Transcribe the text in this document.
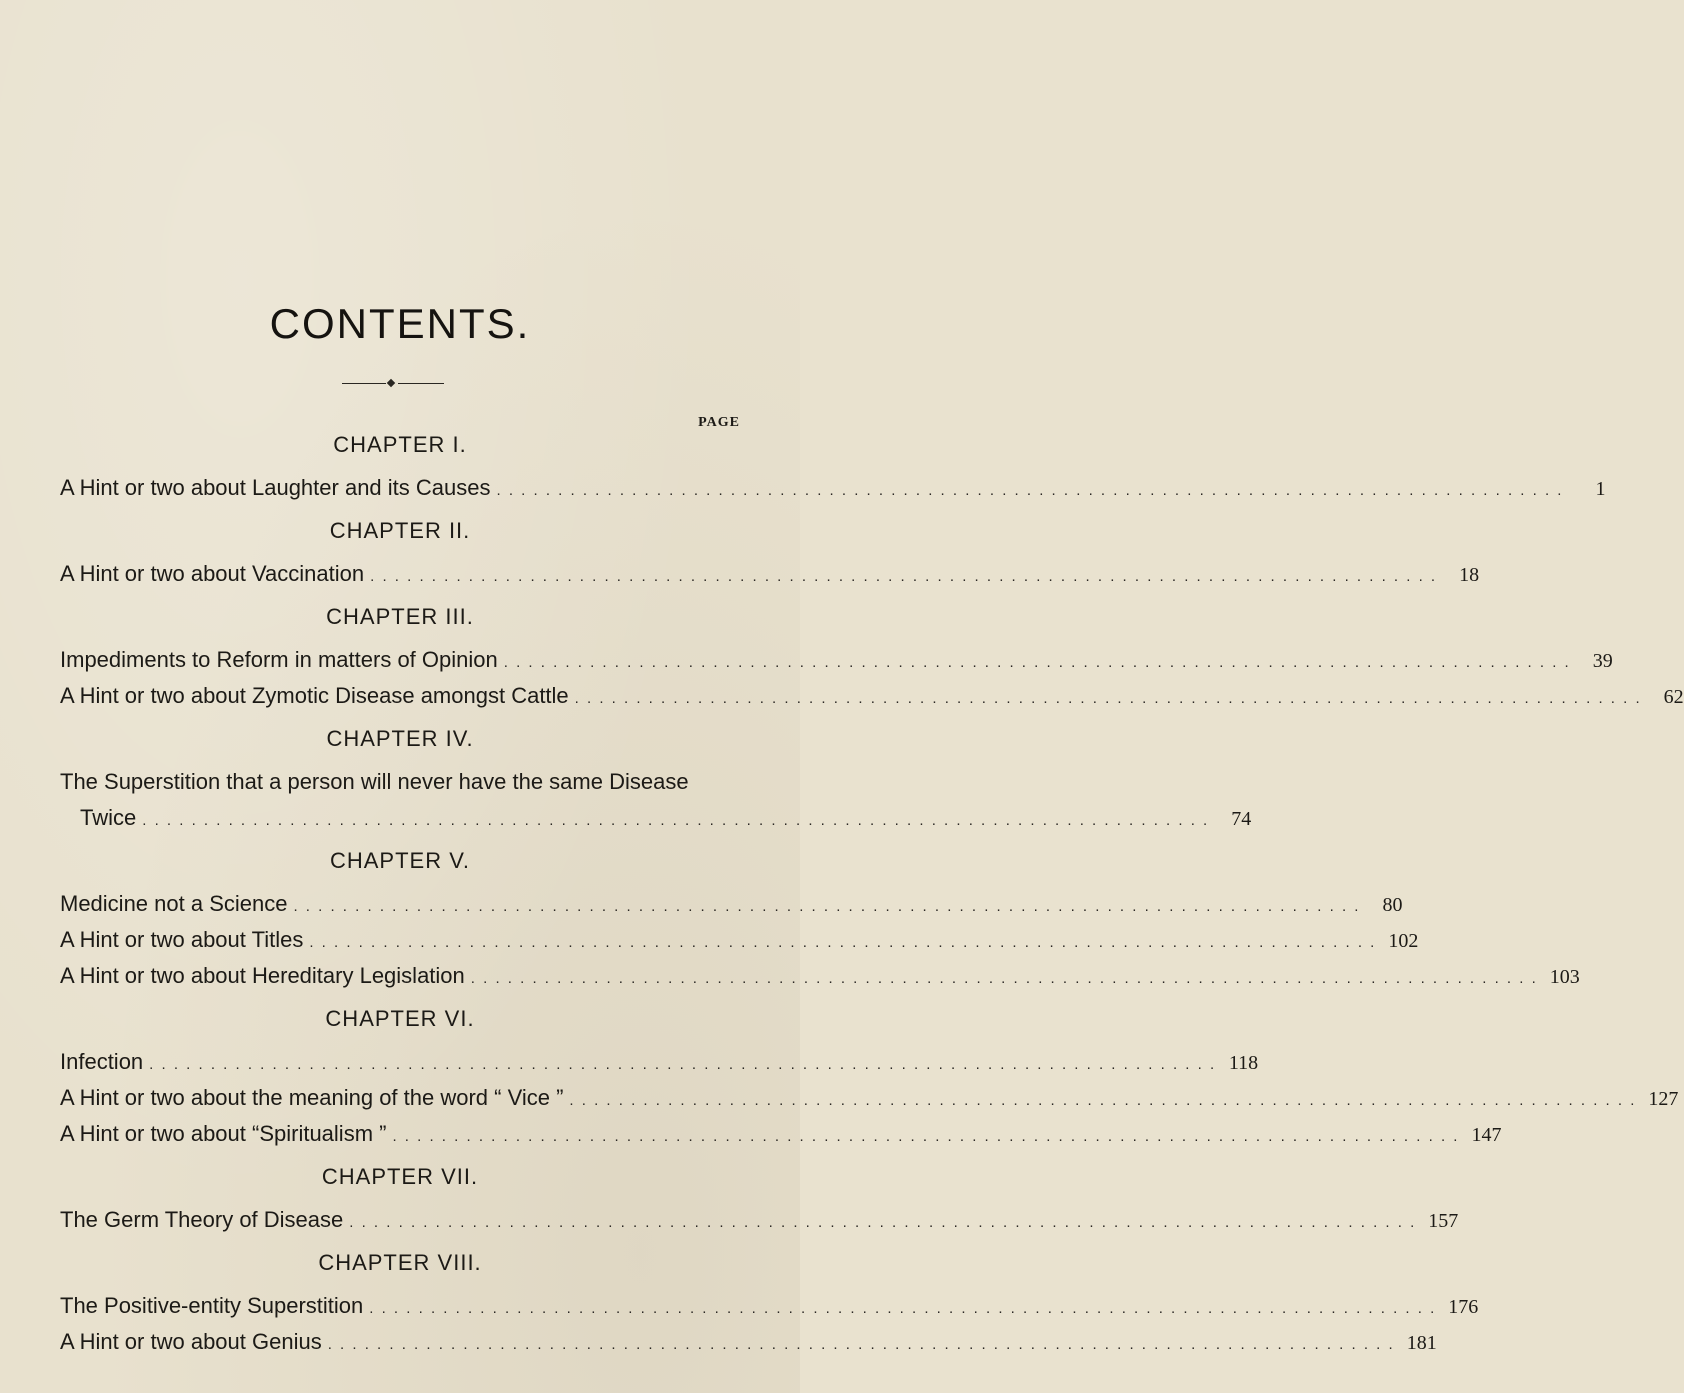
CONTENTS.
PAGE
CHAPTER I.
A Hint or two about Laughter and its Causes . . . . . . . . . . . . . . . . . . . . . . . . . . . . . . . . . . . . . . . . . . . . . . . . . . . . . . . . . . . . . . . . . . . . . . . . . . . . . . . . . . . . . . .	1
CHAPTER II.
A Hint or two about Vaccination . . . . . . . . . . . . . . . . . . . . . . . . . . . . . . . . . . . . . . . . . . . . . . . . . . . . . . . . . . . . . . . . . . . . . . . . . . . . . . . . . . . . . . .	18
CHAPTER III.
Impediments to Reform in matters of Opinion . . . . . . . . . . . . . . . . . . . . . . . . . . . . . . . . . . . . . . . . . . . . . . . . . . . . . . . . . . . . . . . . . . . . . . . . . . . . . . . . . . . . . . .	39
A Hint or two about Zymotic Disease amongst Cattle . . . . . . . . . . . . . . . . . . . . . . . . . . . . . . . . . . . . . . . . . . . . . . . . . . . . . . . . . . . . . . . . . . . . . . . . . . . . . . . . . . . . . . .	62
CHAPTER IV.
The Superstition that a person will never have the same Disease
Twice . . . . . . . . . . . . . . . . . . . . . . . . . . . . . . . . . . . . . . . . . . . . . . . . . . . . . . . . . . . . . . . . . . . . . . . . . . . . . . . . . . . . . . .	74
CHAPTER V.
Medicine not a Science . . . . . . . . . . . . . . . . . . . . . . . . . . . . . . . . . . . . . . . . . . . . . . . . . . . . . . . . . . . . . . . . . . . . . . . . . . . . . . . . . . . . . . .	80
A Hint or two about Titles . . . . . . . . . . . . . . . . . . . . . . . . . . . . . . . . . . . . . . . . . . . . . . . . . . . . . . . . . . . . . . . . . . . . . . . . . . . . . . . . . . . . . . . 102
A Hint or two about Hereditary Legislation . . . . . . . . . . . . . . . . . . . . . . . . . . . . . . . . . . . . . . . . . . . . . . . . . . . . . . . . . . . . . . . . . . . . . . . . . . . . . . . . . . . . . . . 103
CHAPTER VI.
Infection . . . . . . . . . . . . . . . . . . . . . . . . . . . . . . . . . . . . . . . . . . . . . . . . . . . . . . . . . . . . . . . . . . . . . . . . . . . . . . . . . . . . . . . 118
A Hint or two about the meaning of the word “ Vice ” . . . . . . . . . . . . . . . . . . . . . . . . . . . . . . . . . . . . . . . . . . . . . . . . . . . . . . . . . . . . . . . . . . . . . . . . . . . . . . . . . . . . . . . 127
A Hint or two about “Spiritualism ” . . . . . . . . . . . . . . . . . . . . . . . . . . . . . . . . . . . . . . . . . . . . . . . . . . . . . . . . . . . . . . . . . . . . . . . . . . . . . . . . . . . . . . . 147
CHAPTER VII.
The Germ Theory of Disease . . . . . . . . . . . . . . . . . . . . . . . . . . . . . . . . . . . . . . . . . . . . . . . . . . . . . . . . . . . . . . . . . . . . . . . . . . . . . . . . . . . . . . . 157
CHAPTER VIII.
The Positive-entity Superstition . . . . . . . . . . . . . . . . . . . . . . . . . . . . . . . . . . . . . . . . . . . . . . . . . . . . . . . . . . . . . . . . . . . . . . . . . . . . . . . . . . . . . . . 176
A Hint or two about Genius . . . . . . . . . . . . . . . . . . . . . . . . . . . . . . . . . . . . . . . . . . . . . . . . . . . . . . . . . . . . . . . . . . . . . . . . . . . . . . . . . . . . . . . 181
